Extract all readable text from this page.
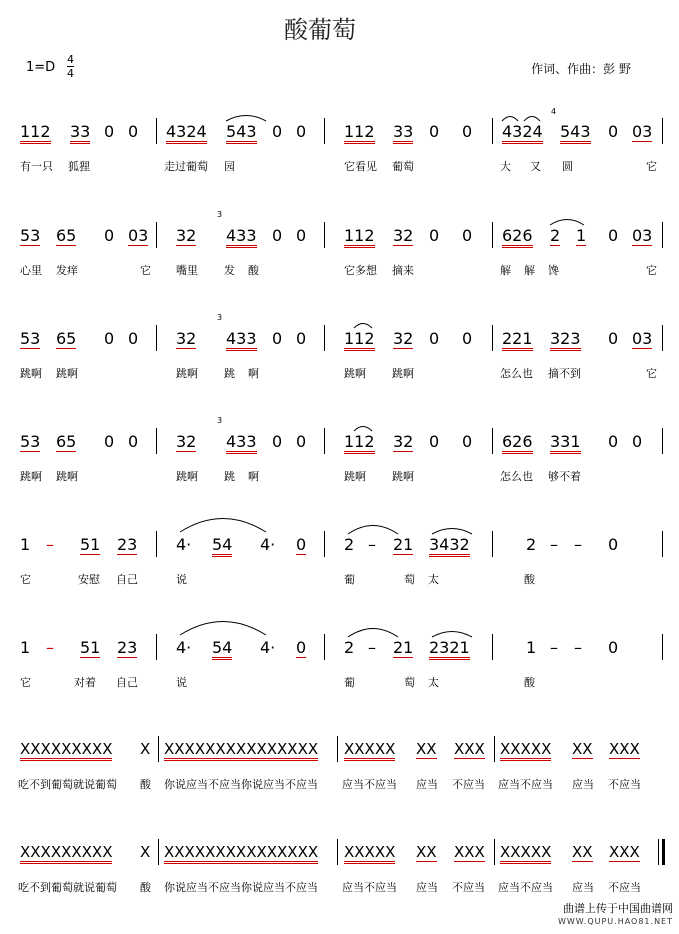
酸葡萄
1=D
4
4	作词、作曲：彭 野
112 33 0 0 4324 543 0 0 112 33 0 0 4324 543
4
0 03
有一只 狐狸	走过葡萄 园	它看见 葡萄	大 又 圆	它
53 65 0 03 32 433
3
0 0 112 32 0 0 626 2 1 0 03
心里 发痒	它 嘴里 发 酸	它多想 摘来	解 解 馋	它
53 65 0 0 32 433
3
0 0 112 32 0 0 221 323 0 03
跳啊 跳啊	跳啊 跳 啊	跳啊 跳啊	怎么也 摘不到	它
53 65 0 0 32 433
3
0 0 112 32 0 0 626 331 0 0
跳啊 跳啊	跳啊 跳 啊	跳啊 跳啊	怎么也 够不着
1 – 51 23 4· 54 4· 0 2 – 21 3432	2 – – 0
它	安慰 自己	说	葡	萄 太	酸
1 – 51 23 4· 54 4· 0 2 – 21 2321	1 – – 0
它	对着 自己	说	葡	萄 太	酸
XXXXXXXXX X XXXXXXXXXXXXXXX XXXXX XX XXX XXXXX XX XXX
吃不到葡萄就说葡萄 酸 你说应当不应当你说应当不应当 应当不应当 应当 不应当 应当不应当 应当 不应当
XXXXXXXXX X XXXXXXXXXXXXXXX XXXXX XX XXX XXXXX XX XXX
吃不到葡萄就说葡萄 酸 你说应当不应当你说应当不应当 应当不应当 应当 不应当 应当不应当 应当 不应当
曲谱上传于中国曲谱网
WWW.QUPU.HAO81.NET
